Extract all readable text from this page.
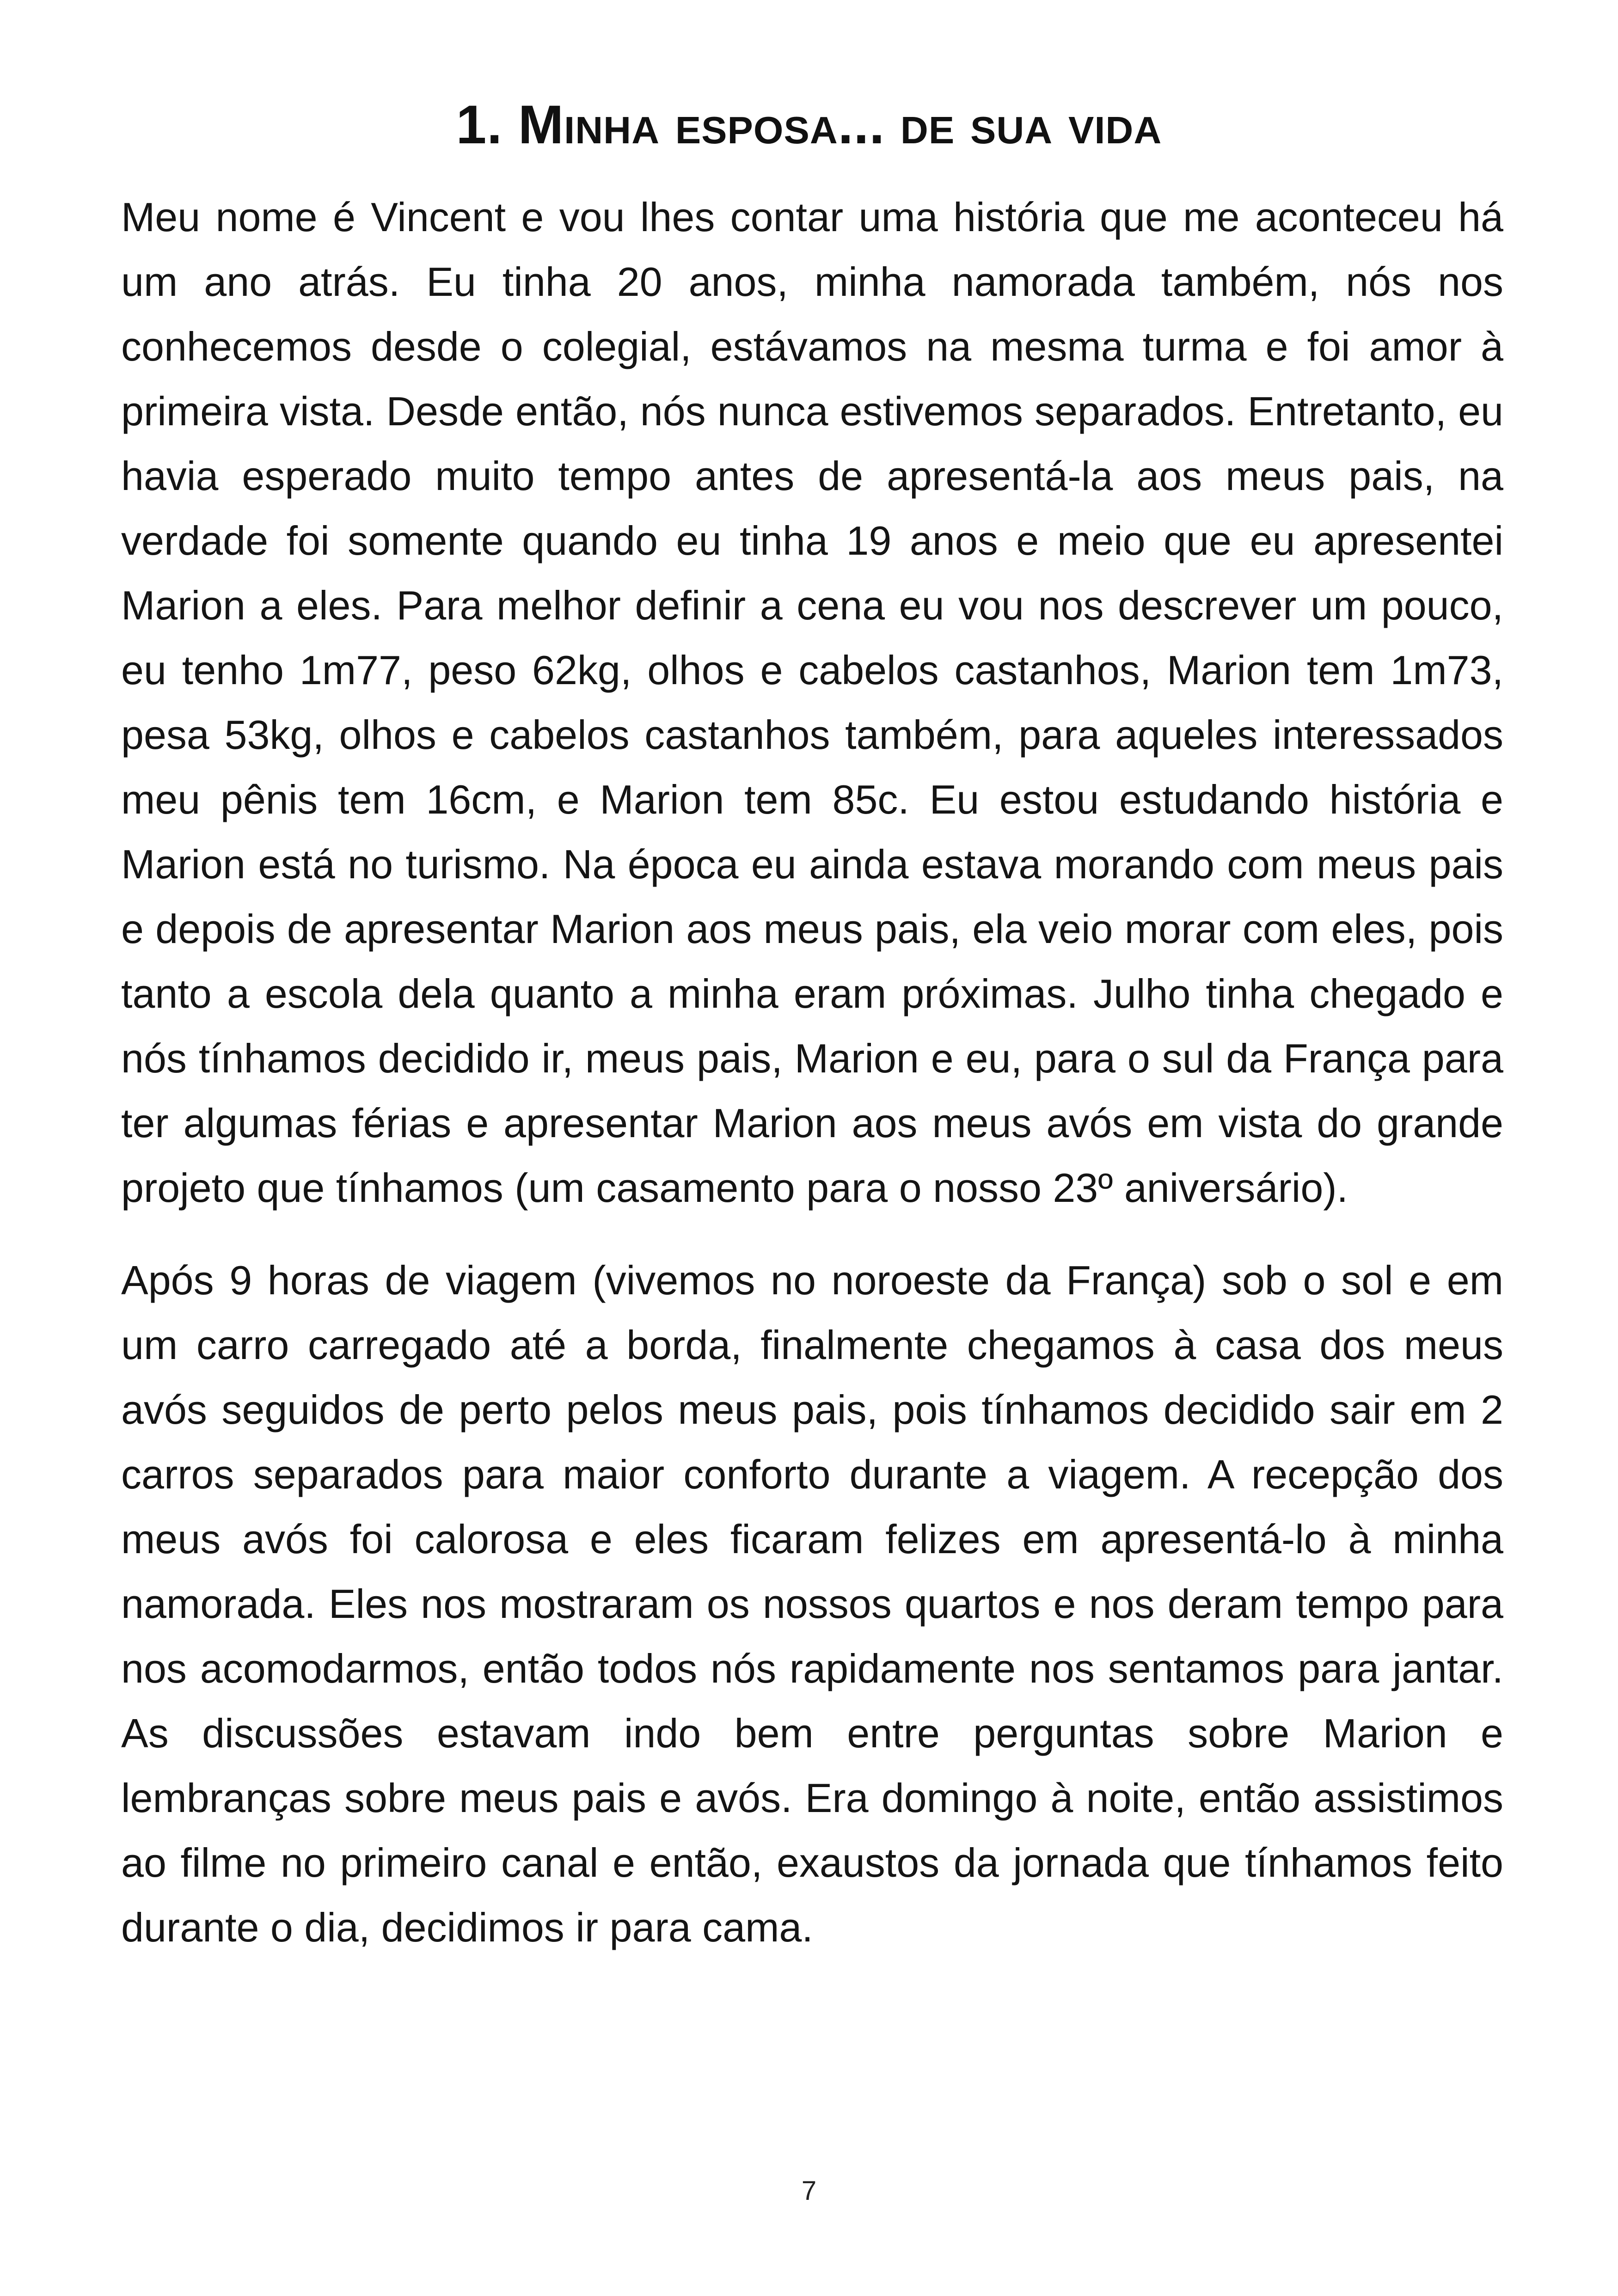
1. Minha esposa... de sua vida

Meu nome é Vincent e vou lhes contar uma história que me aconteceu há um ano atrás. Eu tinha 20 anos, minha namorada também, nós nos conhecemos desde o colegial, estávamos na mesma turma e foi amor à primeira vista. Desde então, nós nunca estivemos separados. Entretanto, eu havia esperado muito tempo antes de apresentá-la aos meus pais, na verdade foi somente quando eu tinha 19 anos e meio que eu apresentei Marion a eles. Para melhor definir a cena eu vou nos descrever um pouco, eu tenho 1m77, peso 62kg, olhos e cabelos castanhos, Marion tem 1m73, pesa 53kg, olhos e cabelos castanhos também, para aqueles interessados meu pênis tem 16cm, e Marion tem 85c. Eu estou estudando história e Marion está no turismo. Na época eu ainda estava morando com meus pais e depois de apresentar Marion aos meus pais, ela veio morar com eles, pois tanto a escola dela quanto a minha eram próximas. Julho tinha chegado e nós tínhamos decidido ir, meus pais, Marion e eu, para o sul da França para ter algumas férias e apresentar Marion aos meus avós em vista do grande projeto que tínhamos (um casamento para o nosso 23º aniversário).

Após 9 horas de viagem (vivemos no noroeste da França) sob o sol e em um carro carregado até a borda, finalmente chegamos à casa dos meus avós seguidos de perto pelos meus pais, pois tínhamos decidido sair em 2 carros separados para maior conforto durante a viagem. A recepção dos meus avós foi calorosa e eles ficaram felizes em apresentá-lo à minha namorada. Eles nos mostraram os nossos quartos e nos deram tempo para nos acomodarmos, então todos nós rapidamente nos sentamos para jantar. As discussões estavam indo bem entre perguntas sobre Marion e lembranças sobre meus pais e avós. Era domingo à noite, então assistimos ao filme no primeiro canal e então, exaustos da jornada que tínhamos feito durante o dia, decidimos ir para cama.

7
